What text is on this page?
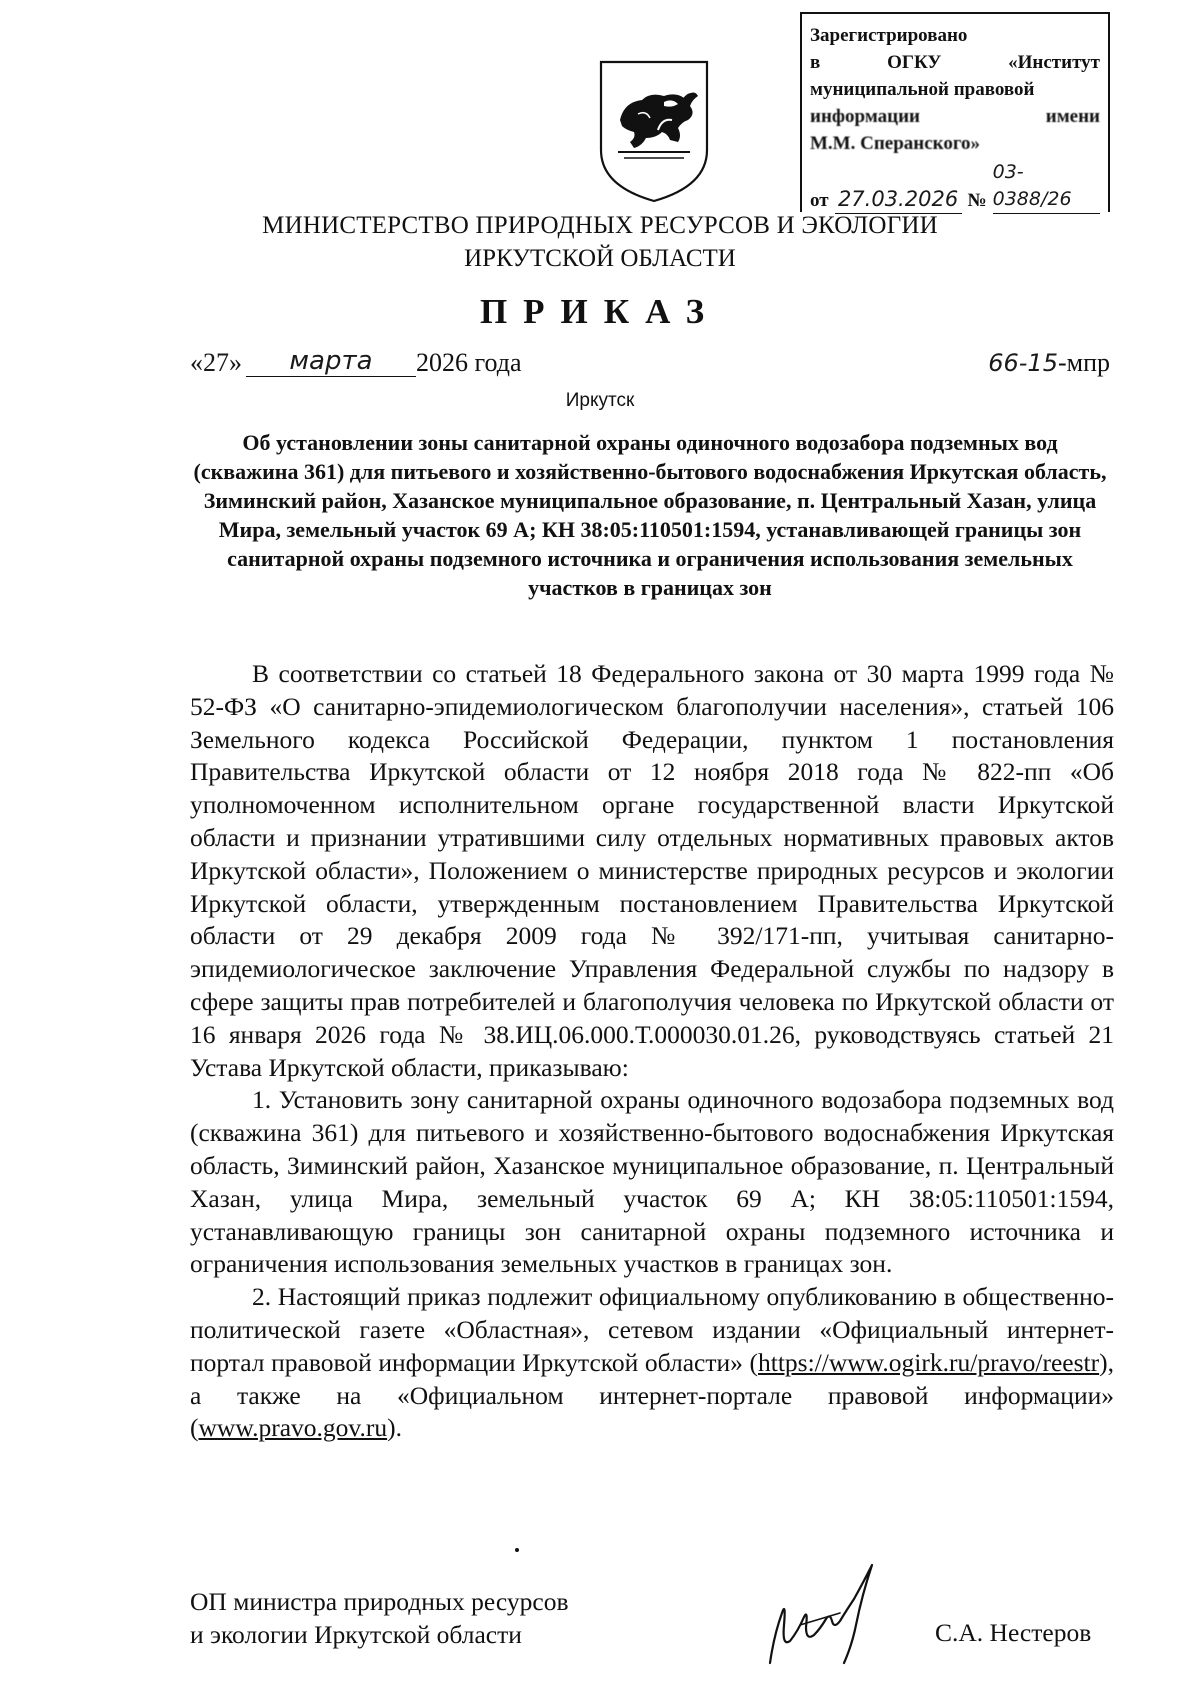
Зарегистрировано
в	ОГКУ	«Институт
муниципальной правовой
информации	имени
М.М. Сперанского»
от 27.03.2026 №
03-0388/26
МИНИСТЕРСТВО ПРИРОДНЫХ РЕСУРСОВ И ЭКОЛОГИИ
ИРКУТСКОЙ ОБЛАСТИ
ПРИКАЗ
«27»	марта	2026 года	66-15-мпр
Иркутск
Об установлении зоны санитарной охраны одиночного водозабора подземных вод (скважина 361) для питьевого и хозяйственно-бытового водоснабжения Иркутская область, Зиминский район, Хазанское муниципальное образование, п. Центральный Хазан, улица Мира, земельный участок 69 А; КН 38:05:110501:1594, устанавливающей границы зон санитарной охраны подземного источника и ограничения использования земельных участков в границах зон

В соответствии со статьей 18 Федерального закона от 30 марта 1999 года № 52-ФЗ «О санитарно-эпидемиологическом благополучии населения», статьей 106 Земельного кодекса Российской Федерации, пунктом 1 постановления Правительства Иркутской области от 12 ноября 2018 года № 822-пп «Об уполномоченном исполнительном органе государственной власти Иркутской области и признании утратившими силу отдельных нормативных правовых актов Иркутской области», Положением о министерстве природных ресурсов и экологии Иркутской области, утвержденным постановлением Правительства Иркутской области от 29 декабря 2009 года № 392/171-пп, учитывая санитарно-эпидемиологическое заключение Управления Федеральной службы по надзору в сфере защиты прав потребителей и благополучия человека по Иркутской области от 16 января 2026 года № 38.ИЦ.06.000.Т.000030.01.26, руководствуясь статьей 21 Устава Иркутской области, приказываю:

1. Установить зону санитарной охраны одиночного водозабора подземных вод (скважина 361) для питьевого и хозяйственно-бытового водоснабжения Иркутская область, Зиминский район, Хазанское муниципальное образование, п. Центральный Хазан, улица Мира, земельный участок 69 А; КН 38:05:110501:1594, устанавливающую границы зон санитарной охраны подземного источника и ограничения использования земельных участков в границах зон.

2. Настоящий приказ подлежит официальному опубликованию в общественно-политической газете «Областная», сетевом издании «Официальный интернет-портал правовой информации Иркутской области» (https://www.ogirk.ru/pravo/reestr), а также на «Официальном интернет-портале правовой информации» (www.pravo.gov.ru).

ОП министра природных ресурсов
и экологии Иркутской области	С.А. Нестеров
